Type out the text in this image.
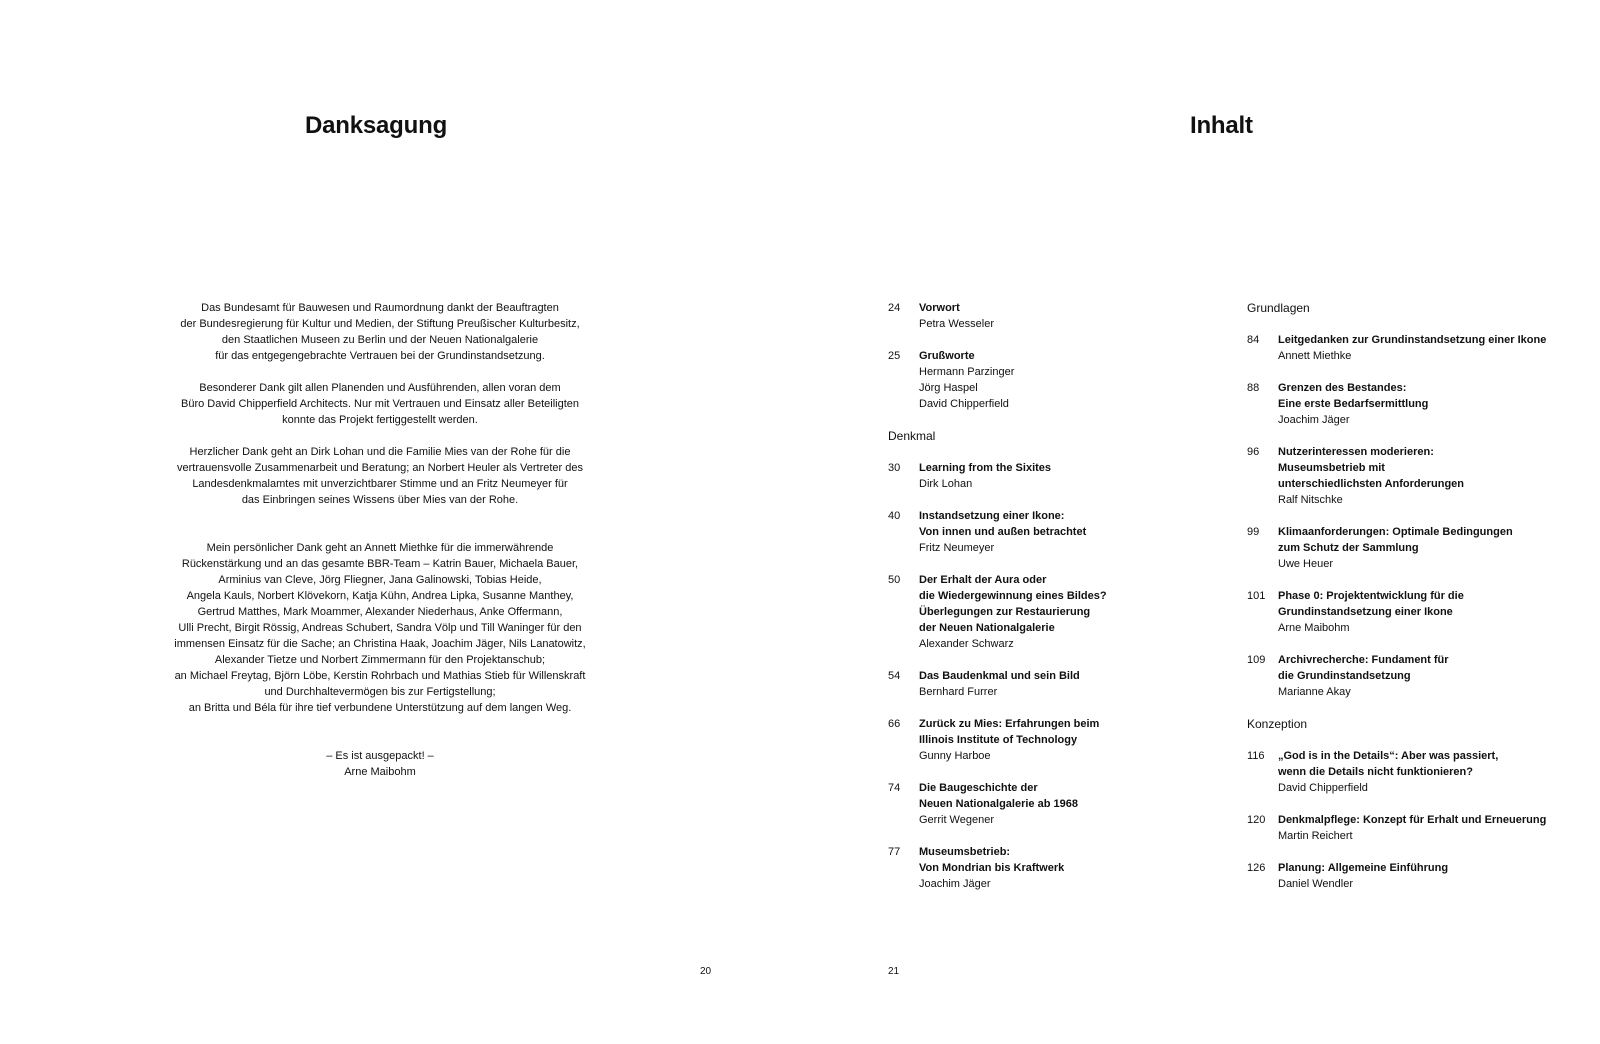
Danksagung	Inhalt

Das Bundesamt für Bauwesen und Raumordnung dankt der Beauftragten
der Bundesregierung für Kultur und Medien, der Stiftung Preußischer Kulturbesitz,
den Staatlichen Museen zu Berlin und der Neuen Nationalgalerie
für das entgegengebrachte Vertrauen bei der Grundinstandsetzung.

Besonderer Dank gilt allen Planenden und Ausführenden, allen voran dem
Büro David Chipperfield Architects. Nur mit Vertrauen und Einsatz aller Beteiligten
konnte das Projekt fertiggestellt werden.

Herzlicher Dank geht an Dirk Lohan und die Familie Mies van der Rohe für die
vertrauensvolle Zusammenarbeit und Beratung; an Norbert Heuler als Vertreter des
Landesdenkmalamtes mit unverzichtbarer Stimme und an Fritz Neumeyer für
das Einbringen seines Wissens über Mies van der Rohe.

Mein persönlicher Dank geht an Annett Miethke für die immerwährende
Rückenstärkung und an das gesamte BBR-Team – Katrin Bauer, Michaela Bauer,
Arminius van Cleve, Jörg Fliegner, Jana Galinowski, Tobias Heide,
Angela Kauls, Norbert Klövekorn, Katja Kühn, Andrea Lipka, Susanne Manthey,
Gertrud Matthes, Mark Moammer, Alexander Niederhaus, Anke Offermann,
Ulli Precht, Birgit Rössig, Andreas Schubert, Sandra Völp und Till Waninger für den
immensen Einsatz für die Sache; an Christina Haak, Joachim Jäger, Nils Lanatowitz,
Alexander Tietze und Norbert Zimmermann für den Projektanschub;
an Michael Freytag, Björn Löbe, Kerstin Rohrbach und Mathias Stieb für Willenskraft
und Durchhaltevermögen bis zur Fertigstellung;
an Britta und Béla für ihre tief verbundene Unterstützung auf dem langen Weg.

– Es ist ausgepackt! –

Arne Maibohm

24	Vorwort
Petra Wesseler
25	Grußworte
Hermann Parzinger
Jörg Haspel
David Chipperfield
Denkmal
30	Learning from the Sixites
Dirk Lohan
40	Instandsetzung einer Ikone:
Von innen und außen betrachtet
Fritz Neumeyer
50	Der Erhalt der Aura oder
die Wiedergewinnung eines Bildes?
Überlegungen zur Restaurierung
der Neuen Nationalgalerie
Alexander Schwarz
54	Das Baudenkmal und sein Bild
Bernhard Furrer
66	Zurück zu Mies: Erfahrungen beim
Illinois Institute of Technology
Gunny Harboe
74	Die Baugeschichte der
Neuen Nationalgalerie ab 1968
Gerrit Wegener
77	Museumsbetrieb:
Von Mondrian bis Kraftwerk
Joachim Jäger
Grundlagen
84	Leitgedanken zur Grundinstandsetzung einer Ikone
Annett Miethke
88	Grenzen des Bestandes:
Eine erste Bedarfsermittlung
Joachim Jäger
96	Nutzerinteressen moderieren:
Museumsbetrieb mit
unterschiedlichsten Anforderungen
Ralf Nitschke
99	Klimaanforderungen: Optimale Bedingungen
zum Schutz der Sammlung
Uwe Heuer
101	Phase 0: Projektentwicklung für die
Grundinstandsetzung einer Ikone
Arne Maibohm
109	Archivrecherche: Fundament für
die Grundinstandsetzung
Marianne Akay
Konzeption
116	„God is in the Details“: Aber was passiert,
wenn die Details nicht funktionieren?
David Chipperfield
120	Denkmalpflege: Konzept für Erhalt und Erneuerung
Martin Reichert
126	Planung: Allgemeine Einführung
Daniel Wendler
20	21
